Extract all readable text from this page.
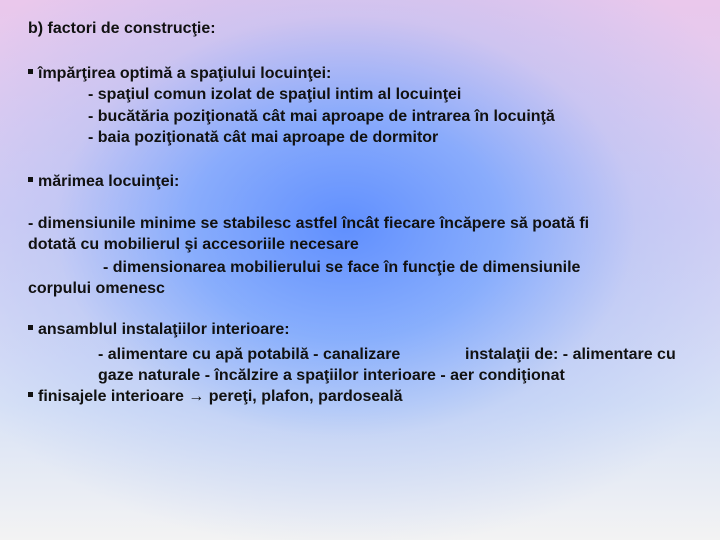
b) factori de construcţie:
împărţirea optimă a spaţiului locuinţei:
- spaţiul comun izolat de spaţiul intim al locuinţei
- bucătăria poziţionată cât mai aproape de intrarea în locuinţă
- baia poziţionată cât mai aproape de dormitor
mărimea locuinţei:
- dimensiunile minime se stabilesc astfel încât fiecare încăpere să poată fi
dotată cu mobilierul şi accesoriile necesare
- dimensionarea mobilierului se face în funcţie de dimensiunile
corpului omenesc
ansamblul instalaţiilor interioare:
- alimentare cu apă potabilă - canalizare	instalaţii de: - alimentare cu
gaze naturale - încălzire a spaţiilor interioare - aer condiţionat
finisajele interioare → pereţi, plafon, pardoseală
